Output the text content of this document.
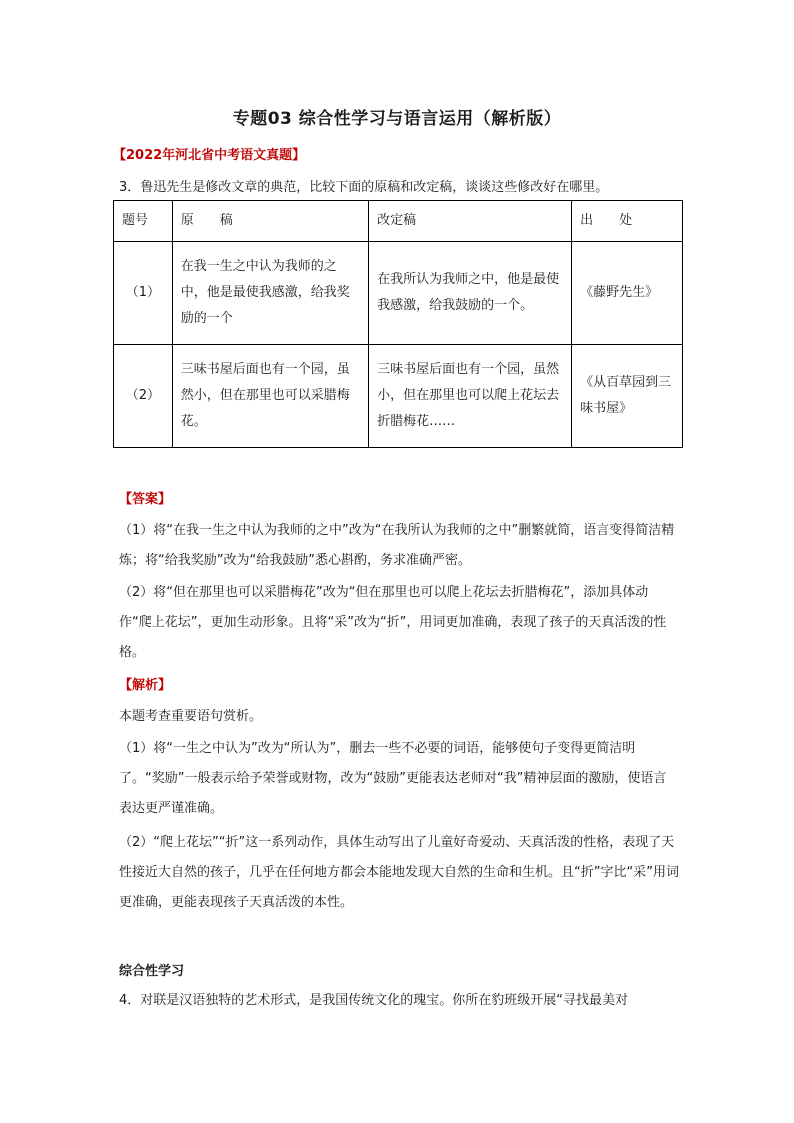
专题03 综合性学习与语言运用（解析版）
【2022年河北省中考语文真题】
3．鲁迅先生是修改文章的典范，比较下面的原稿和改定稿，谈谈这些修改好在哪里。
题号	原　　稿	改定稿	出　　处
（1）	在我一生之中认为我师的之中，他是最使我感激，给我奖励的一个	在我所认为我师之中，他是最使我感激，给我鼓励的一个。	《藤野先生》
（2）	三味书屋后面也有一个园，虽然小，但在那里也可以采腊梅花。	三味书屋后面也有一个园，虽然小，但在那里也可以爬上花坛去折腊梅花……	《从百草园到三味书屋》
【答案】
（1）将“在我一生之中认为我师的之中”改为“在我所认为我师的之中”删繁就简，语言变得简洁精炼；将“给我奖励”改为“给我鼓励”悉心斟酌，务求准确严密。
（2）将“但在那里也可以采腊梅花”改为“但在那里也可以爬上花坛去折腊梅花”，添加具体动作“爬上花坛”，更加生动形象。且将“采”改为“折”，用词更加准确，表现了孩子的天真活泼的性格。
【解析】
本题考查重要语句赏析。
（1）将“一生之中认为”改为“所认为”，删去一些不必要的词语，能够使句子变得更简洁明了。“奖励”一般表示给予荣誉或财物，改为“鼓励”更能表达老师对“我”精神层面的激励，使语言表达更严谨准确。
（2）“爬上花坛”“折”这一系列动作，具体生动写出了儿童好奇爱动、天真活泼的性格，表现了天性接近大自然的孩子，几乎在任何地方都会本能地发现大自然的生命和生机。且“折”字比“采”用词更准确，更能表现孩子天真活泼的本性。
综合性学习
4．对联是汉语独特的艺术形式，是我国传统文化的瑰宝。你所在豹班级开展“寻找最美对
